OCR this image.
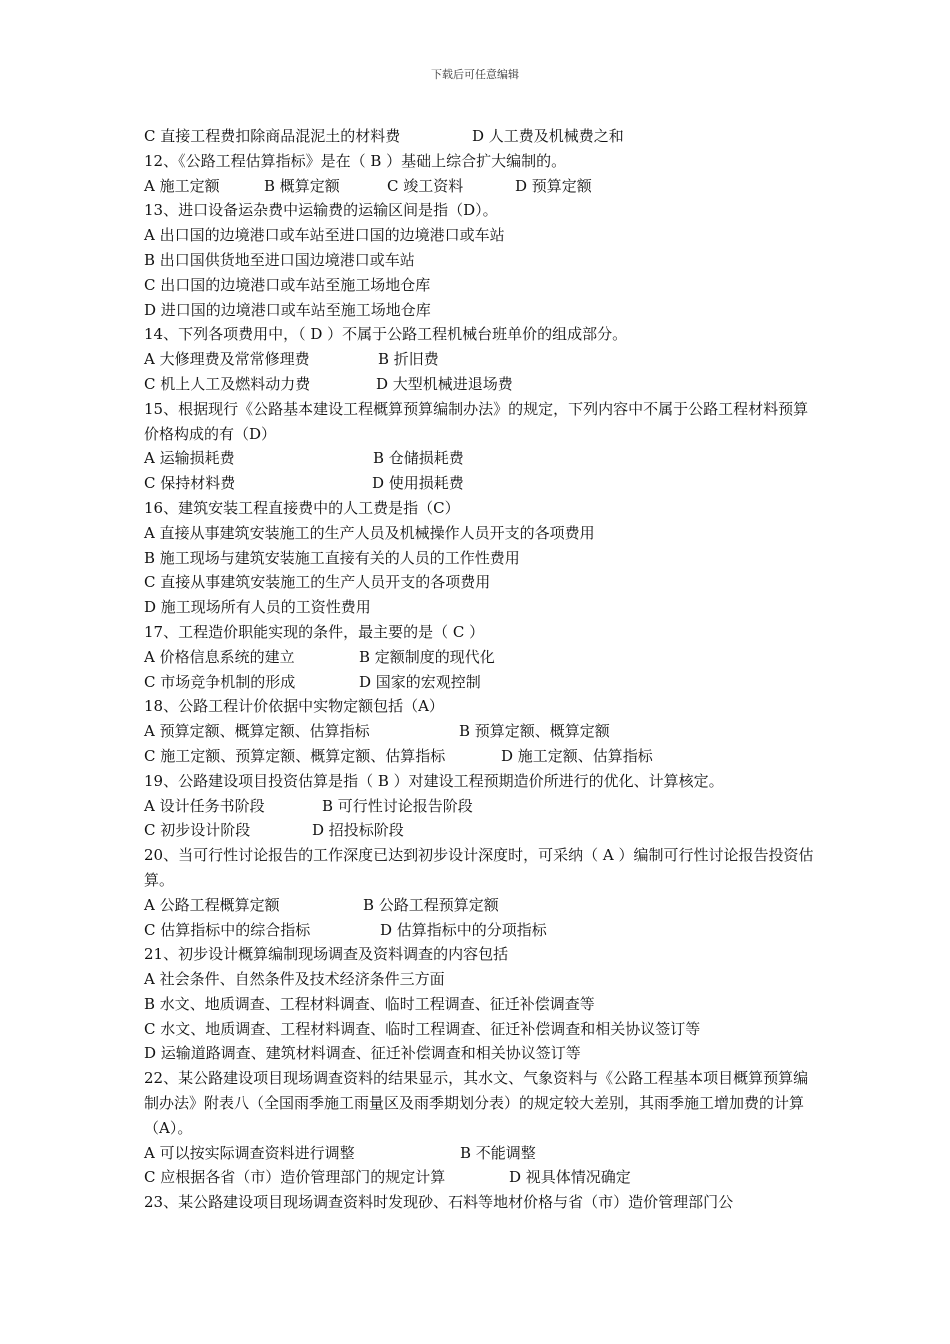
下载后可任意编辑
C 直接工程费扣除商品混泥土的材料费	D 人工费及机械费之和
12、《公路工程估算指标》是在（ B ）基础上综合扩大编制的。
A 施工定额	B 概算定额	C 竣工资料	D 预算定额
13、进口设备运杂费中运输费的运输区间是指（D）。
A 出口国的边境港口或车站至进口国的边境港口或车站
B 出口国供货地至进口国边境港口或车站
C 出口国的边境港口或车站至施工场地仓库
D 进口国的边境港口或车站至施工场地仓库
14、下列各项费用中，（ D ）不属于公路工程机械台班单价的组成部分。
A 大修理费及常常修理费	B 折旧费
C 机上人工及燃料动力费	D 大型机械进退场费
15、根据现行《公路基本建设工程概算预算编制办法》的规定，下列内容中不属于公路工程材料预算价格构成的有（D）
A 运输损耗费	B 仓储损耗费
C 保持材料费	D 使用损耗费
16、建筑安装工程直接费中的人工费是指（C）
A 直接从事建筑安装施工的生产人员及机械操作人员开支的各项费用
B 施工现场与建筑安装施工直接有关的人员的工作性费用
C 直接从事建筑安装施工的生产人员开支的各项费用
D 施工现场所有人员的工资性费用
17、工程造价职能实现的条件，最主要的是（ C ）
A 价格信息系统的建立	B 定额制度的现代化
C 市场竞争机制的形成	D 国家的宏观控制
18、公路工程计价依据中实物定额包括（A）
A 预算定额、概算定额、估算指标	B 预算定额、概算定额
C 施工定额、预算定额、概算定额、估算指标	D 施工定额、估算指标
19、公路建设项目投资估算是指（ B ）对建设工程预期造价所进行的优化、计算核定。
A 设计任务书阶段	B 可行性讨论报告阶段
C 初步设计阶段	D 招投标阶段
20、当可行性讨论报告的工作深度已达到初步设计深度时，可采纳（ A ）编制可行性讨论报告投资估算。
A 公路工程概算定额	B 公路工程预算定额
C 估算指标中的综合指标	D 估算指标中的分项指标
21、初步设计概算编制现场调查及资料调查的内容包括
A 社会条件、自然条件及技术经济条件三方面
B 水文、地质调查、工程材料调查、临时工程调查、征迁补偿调查等
C 水文、地质调查、工程材料调查、临时工程调查、征迁补偿调查和相关协议签订等
D 运输道路调查、建筑材料调查、征迁补偿调查和相关协议签订等
22、某公路建设项目现场调查资料的结果显示，其水文、气象资料与《公路工程基本项目概算预算编制办法》附表八（全国雨季施工雨量区及雨季期划分表）的规定较大差别，其雨季施工增加费的计算（A）。
A 可以按实际调查资料进行调整	B 不能调整
C 应根据各省（市）造价管理部门的规定计算	D 视具体情况确定
23、某公路建设项目现场调查资料时发现砂、石料等地材价格与省（市）造价管理部门公
